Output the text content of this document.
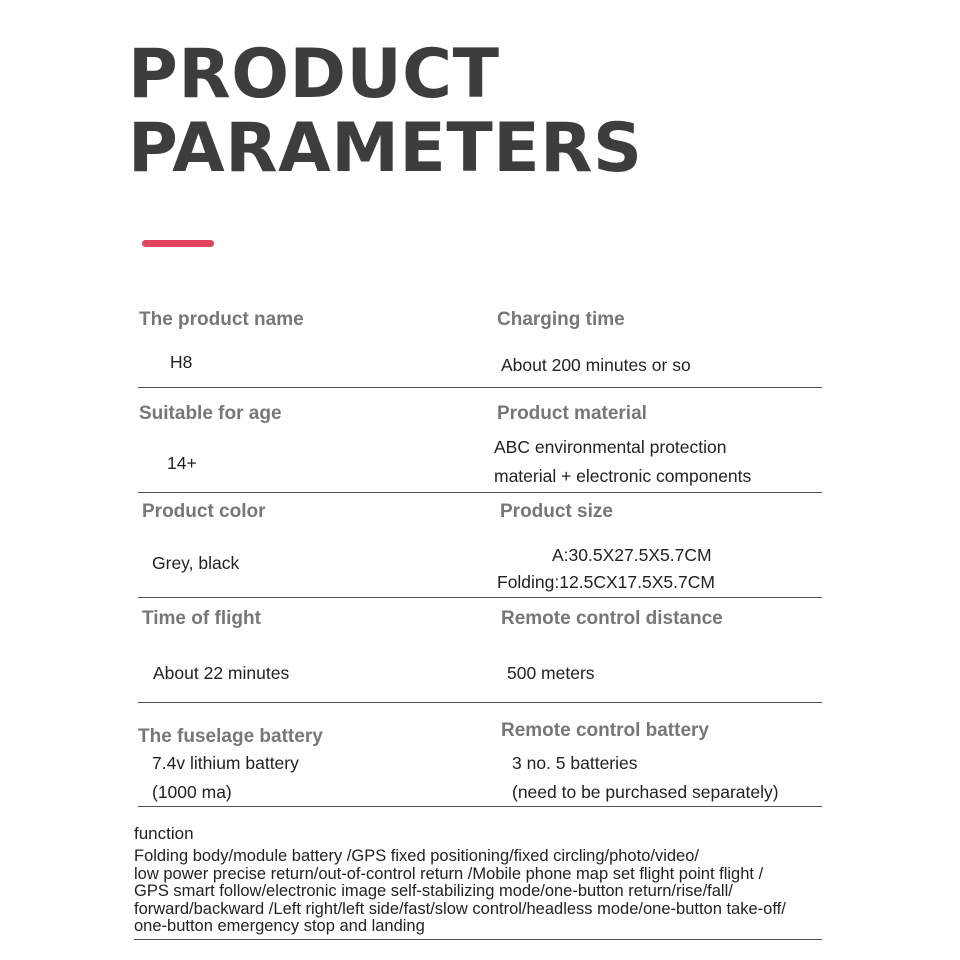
PRODUCT
PARAMETERS
The product name
H8
Charging time
About 200 minutes or so
Suitable for age
14+
Product material
ABC environmental protection
material + electronic components
Product color
Grey, black
Product size
A:30.5X27.5X5.7CM
Folding:12.5CX17.5X5.7CM
Time of flight
About 22 minutes
Remote control distance
500 meters
The fuselage battery
7.4v lithium battery
(1000 ma)
Remote control battery
3 no. 5 batteries
(need to be purchased separately)
function
Folding body/module battery /GPS fixed positioning/fixed circling/photo/video/
low power precise return/out-of-control return /Mobile phone map set flight point flight /
GPS smart follow/electronic image self-stabilizing mode/one-button return/rise/fall/
forward/backward /Left right/left side/fast/slow control/headless mode/one-button take-off/
one-button emergency stop and landing
